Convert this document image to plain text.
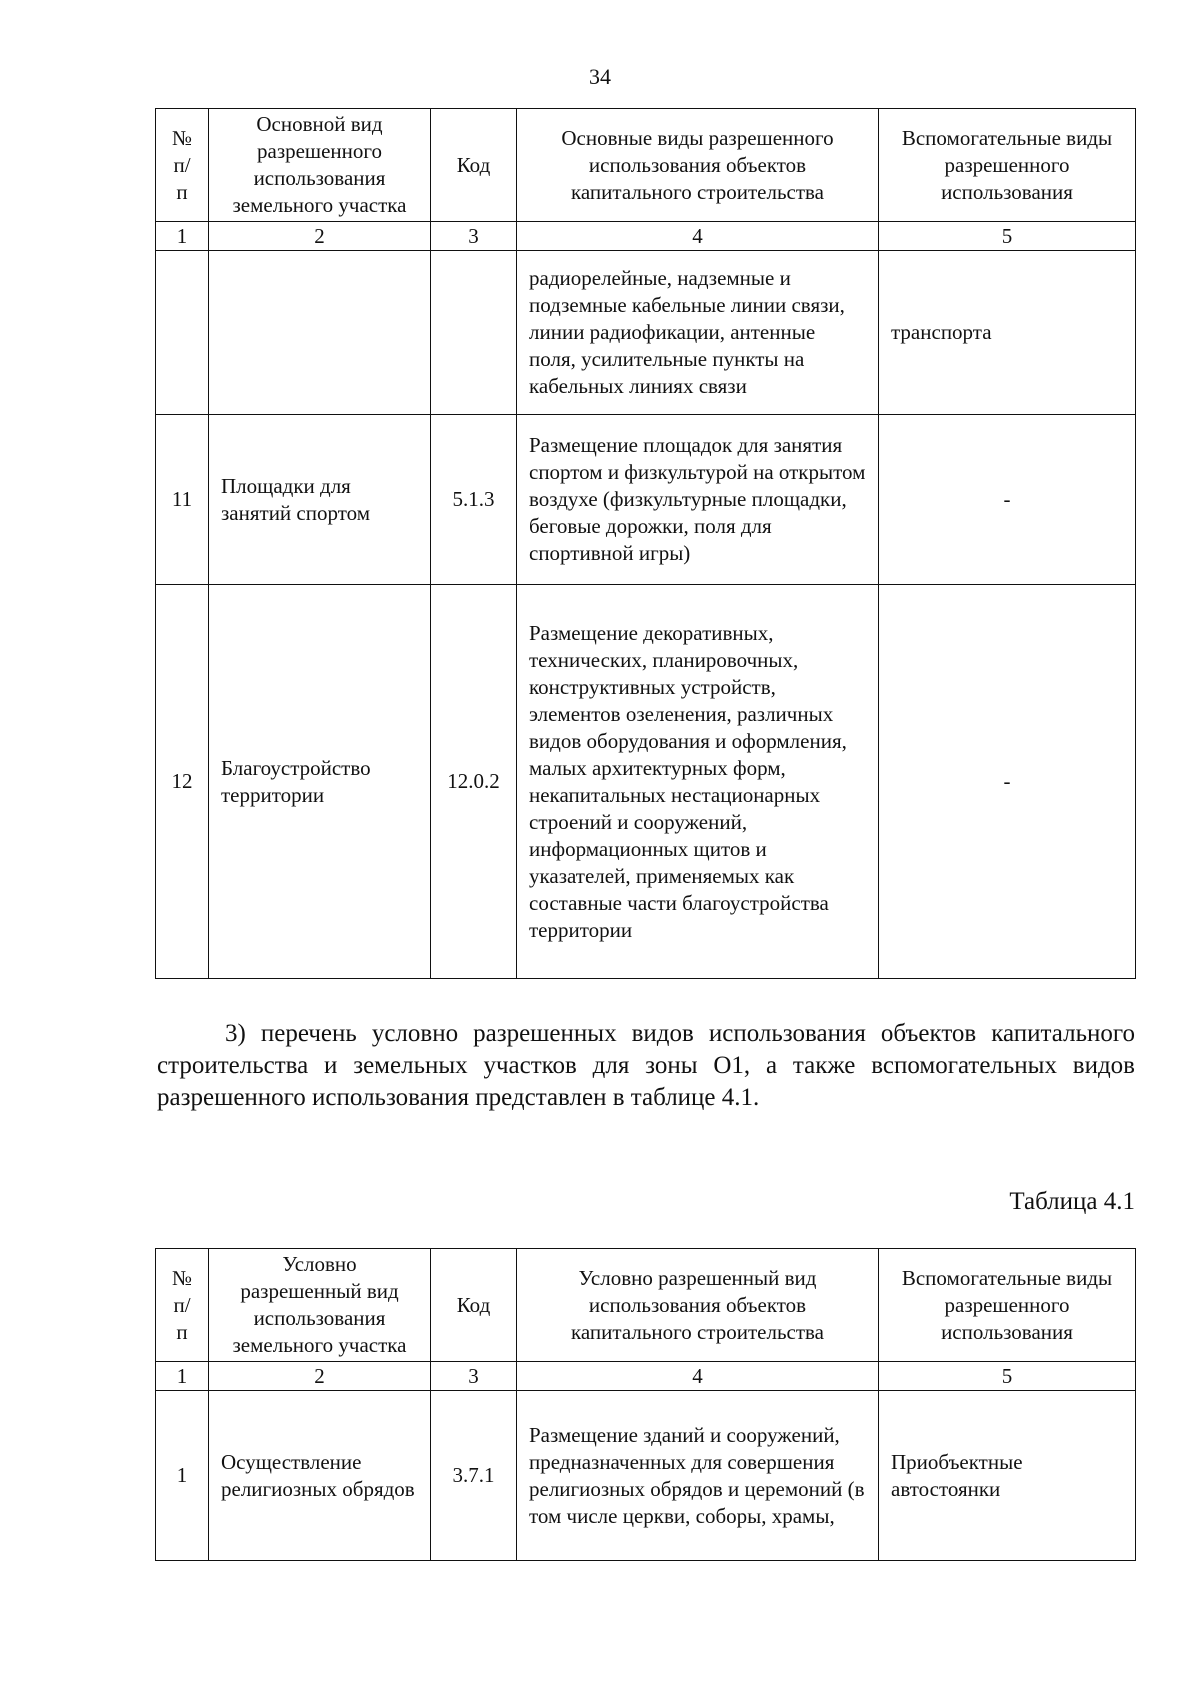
34
№ п/п	Основной вид разрешенного использования земельного участка	Код	Основные виды разрешенного использования объектов капитального строительства	Вспомогательные виды разрешенного использования
1	2	3	4	5
			радиорелейные, надземные и подземные кабельные линии связи, линии радиофикации, антенные поля, усилительные пункты на кабельных линиях связи	транспорта
11	Площадки для занятий спортом	5.1.3	Размещение площадок для занятия спортом и физкультурой на открытом воздухе (физкультурные площадки, беговые дорожки, поля для спортивной игры)	-
12	Благоустройство территории	12.0.2	Размещение декоративных, технических, планировочных, конструктивных устройств, элементов озеленения, различных видов оборудования и оформления, малых архитектурных форм, некапитальных нестационарных строений и сооружений, информационных щитов и указателей, применяемых как составные части благоустройства территории	-

3) перечень условно разрешенных видов использования объектов капитального строительства и земельных участков для зоны О1, а также вспомогательных видов разрешенного использования представлен в таблице 4.1.

Таблица 4.1
№ п/п	Условно разрешенный вид использования земельного участка	Код	Условно разрешенный вид использования объектов капитального строительства	Вспомогательные виды разрешенного использования
1	2	3	4	5
1	Осуществление религиозных обрядов	3.7.1	Размещение зданий и сооружений, предназначенных для совершения религиозных обрядов и церемоний (в том числе церкви, соборы, храмы,	Приобъектные автостоянки
